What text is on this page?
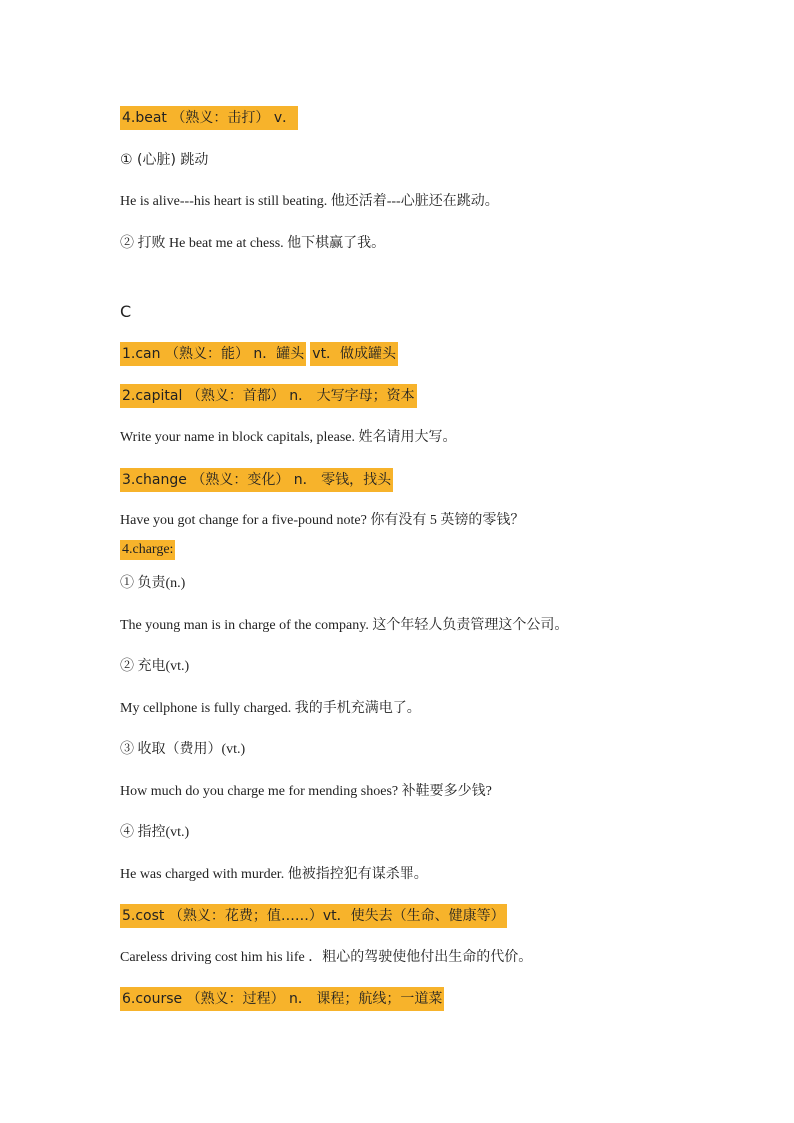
4.beat （熟义：击打） v．
① (心脏) 跳动
He is alive---his heart is still beating. 他还活着---心脏还在跳动。
② 打败 He beat me at chess. 他下棋赢了我。
C
1.can （熟义：能） n．罐头 vt．做成罐头
2.capital （熟义：首都） n． 大写字母；资本
Write your name in block capitals, please. 姓名请用大写。
3.change （熟义：变化） n． 零钱，找头
Have you got change for a five-pound note? 你有没有 5 英镑的零钱？
4.charge:
① 负责(n.)
The young man is in charge of the company. 这个年轻人负责管理这个公司。
② 充电(vt.)
My cellphone is fully charged. 我的手机充满电了。
③ 收取（费用）(vt.)
How much do you charge me for mending shoes? 补鞋要多少钱?
④ 指控(vt.)
He was charged with murder. 他被指控犯有谋杀罪。
5.cost （熟义：花费；值……）vt．使失去（生命、健康等）
Careless driving cost him his life ．粗心的驾驶使他付出生命的代价。
6.course （熟义：过程） n． 课程；航线；一道菜
